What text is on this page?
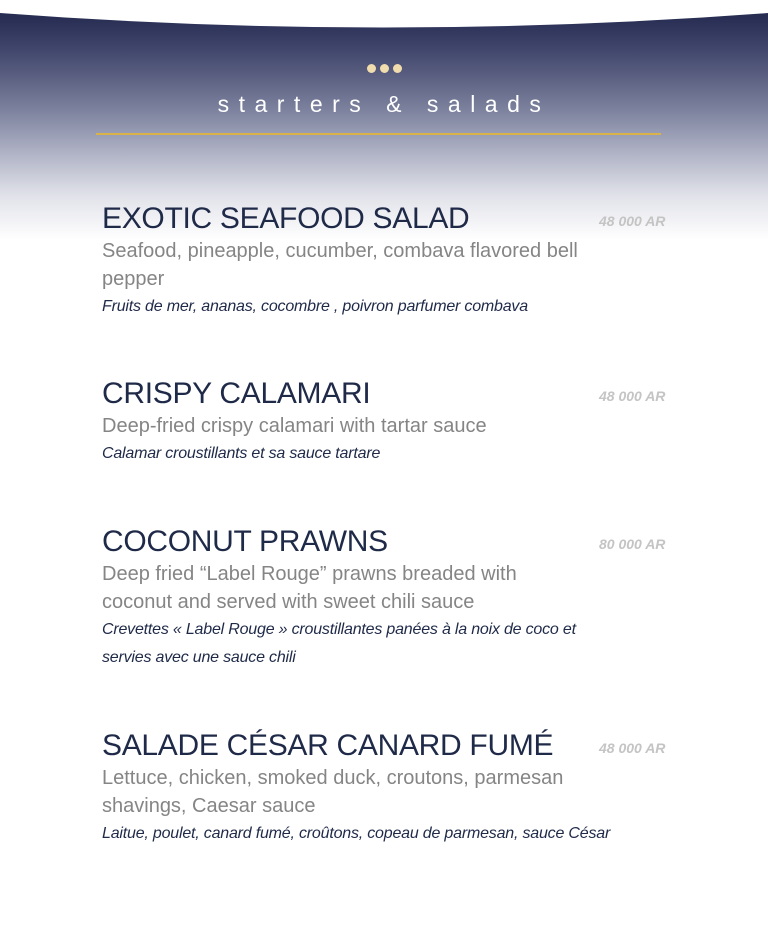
starters & salads
EXOTIC SEAFOOD SALAD	48 000 AR
Seafood, pineapple, cucumber, combava flavored bell pepper
Fruits de mer, ananas, cocombre , poivron parfumer combava
CRISPY CALAMARI	48 000 AR
Deep-fried crispy calamari with tartar sauce
Calamar croustillants et sa sauce tartare
COCONUT PRAWNS	80 000 AR
Deep fried “Label Rouge” prawns breaded with coconut and served with sweet chili sauce
Crevettes « Label Rouge » croustillantes panées à la noix de coco et servies avec une sauce chili
SALADE CÉSAR CANARD FUMÉ	48 000 AR
Lettuce, chicken, smoked duck, croutons, parmesan shavings, Caesar sauce
Laitue, poulet, canard fumé, croûtons, copeau de parmesan, sauce César
